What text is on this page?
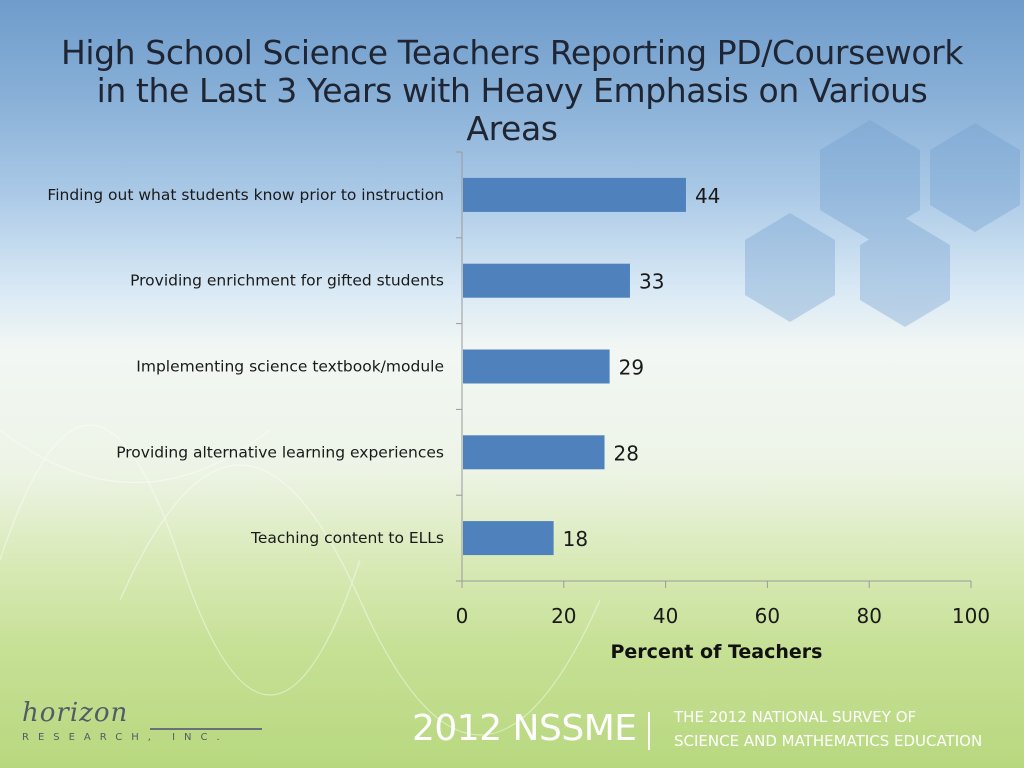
High School Science Teachers Reporting PD/Coursework
in the Last 3 Years with Heavy Emphasis on Various
Areas
0	20	40	60	80	100
Percent of Teachers
Finding out what students know prior to instruction	44
Providing enrichment for gifted students	33
Implementing science textbook/module	29
Providing alternative learning experiences	28
Teaching content to ELLs	18
horizon
RESEARCH, INC.	2012 NSSME	THE 2012 NATIONAL SURVEY OF
SCIENCE AND MATHEMATICS EDUCATION
